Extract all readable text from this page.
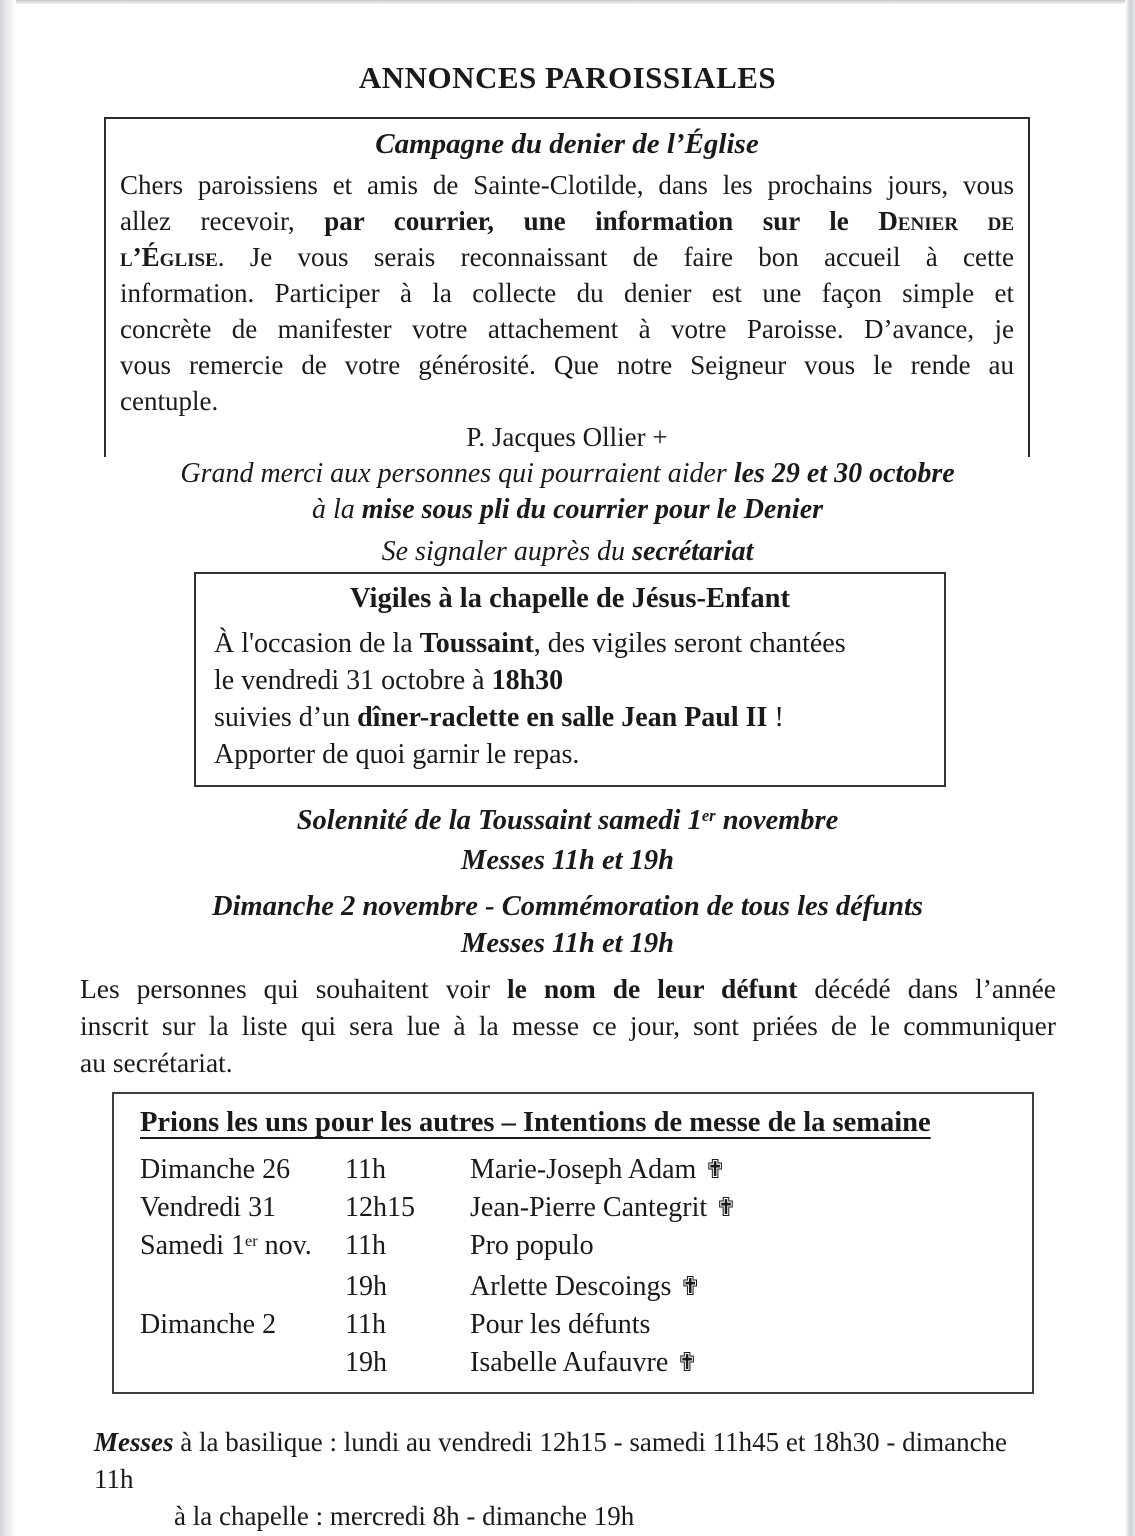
ANNONCES PAROISSIALES
Campagne du denier de l’Église
Chers paroissiens et amis de Sainte-Clotilde, dans les prochains jours, vous
allez recevoir, par courrier, une information sur le Denier de
l’Église. Je vous serais reconnaissant de faire bon accueil à cette
information. Participer à la collecte du denier est une façon simple et
concrète de manifester votre attachement à votre Paroisse. D’avance, je
vous remercie de votre générosité. Que notre Seigneur vous le rende au
centuple.
P. Jacques Ollier +
Grand merci aux personnes qui pourraient aider les 29 et 30 octobre
à la mise sous pli du courrier pour le Denier
Se signaler auprès du secrétariat
Vigiles à la chapelle de Jésus-Enfant
À l'occasion de la Toussaint, des vigiles seront chantées
le vendredi 31 octobre à 18h30
suivies d’un dîner-raclette en salle Jean Paul II !
Apporter de quoi garnir le repas.
Solennité de la Toussaint samedi 1er novembre
Messes 11h et 19h
Dimanche 2 novembre - Commémoration de tous les défunts
Messes 11h et 19h
Les personnes qui souhaitent voir le nom de leur défunt décédé dans l’année
inscrit sur la liste qui sera lue à la messe ce jour, sont priées de le communiquer
au secrétariat.
Prions les uns pour les autres – Intentions de messe de la semaine
Dimanche 26	11h	Marie-Joseph Adam ✟
Vendredi 31	12h15	Jean-Pierre Cantegrit ✟
Samedi 1er nov.	11h	Pro populo
19h	Arlette Descoings ✟
Dimanche 2	11h	Pour les défunts
19h	Isabelle Aufauvre ✟
Messes à la basilique : lundi au vendredi 12h15 - samedi 11h45 et 18h30 - dimanche 11h
à la chapelle : mercredi 8h - dimanche 19h
